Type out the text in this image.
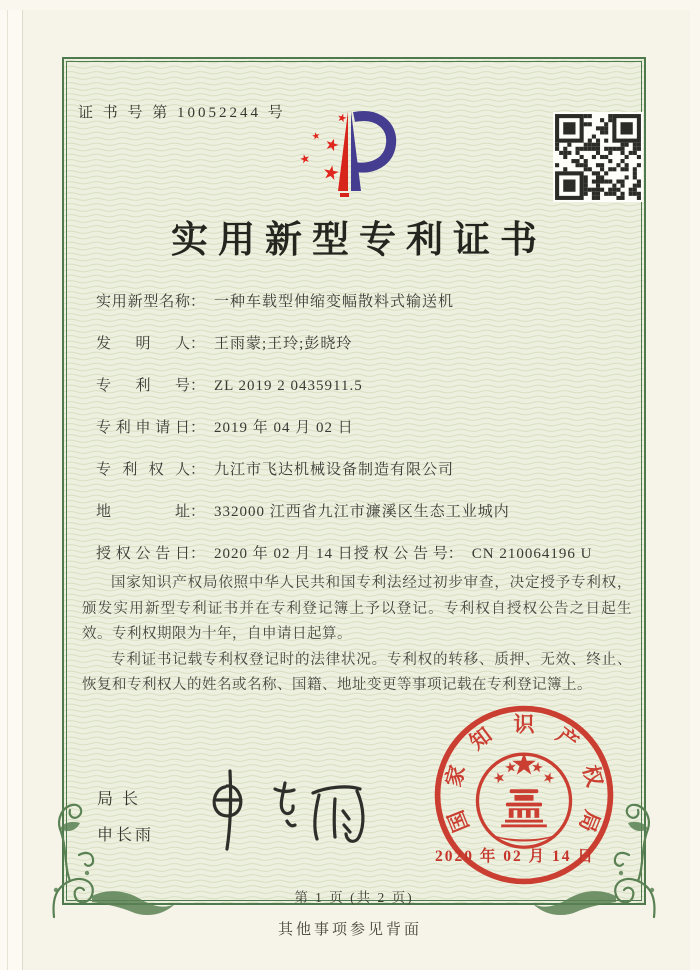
证 书 号 第 10052244 号
实用新型专利证书
实用新型名称： 一种车载型伸缩变幅散料式输送机
发明人： 王雨蒙;王玲;彭晓玲
专利号： ZL 2019 2 0435911.5
专利申请日： 2019 年 04 月 02 日
专利权人： 九江市飞达机械设备制造有限公司
地址： 332000 江西省九江市濂溪区生态工业城内
授权公告日： 2020 年 02 月 14 日 授权公告号： CN 210064196 U

国家知识产权局依照中华人民共和国专利法经过初步审查，决定授予专利权，颁发实用新型专利证书并在专利登记簿上予以登记。专利权自授权公告之日起生效。专利权期限为十年，自申请日起算。

专利证书记载专利权登记时的法律状况。专利权的转移、质押、无效、终止、恢复和专利权人的姓名或名称、国籍、地址变更等事项记载在专利登记簿上。

局长
申长雨	国
家
知 识 产
权
局
2020 年 02 月 14 日
第 1 页 (共 2 页)
其他事项参见背面
